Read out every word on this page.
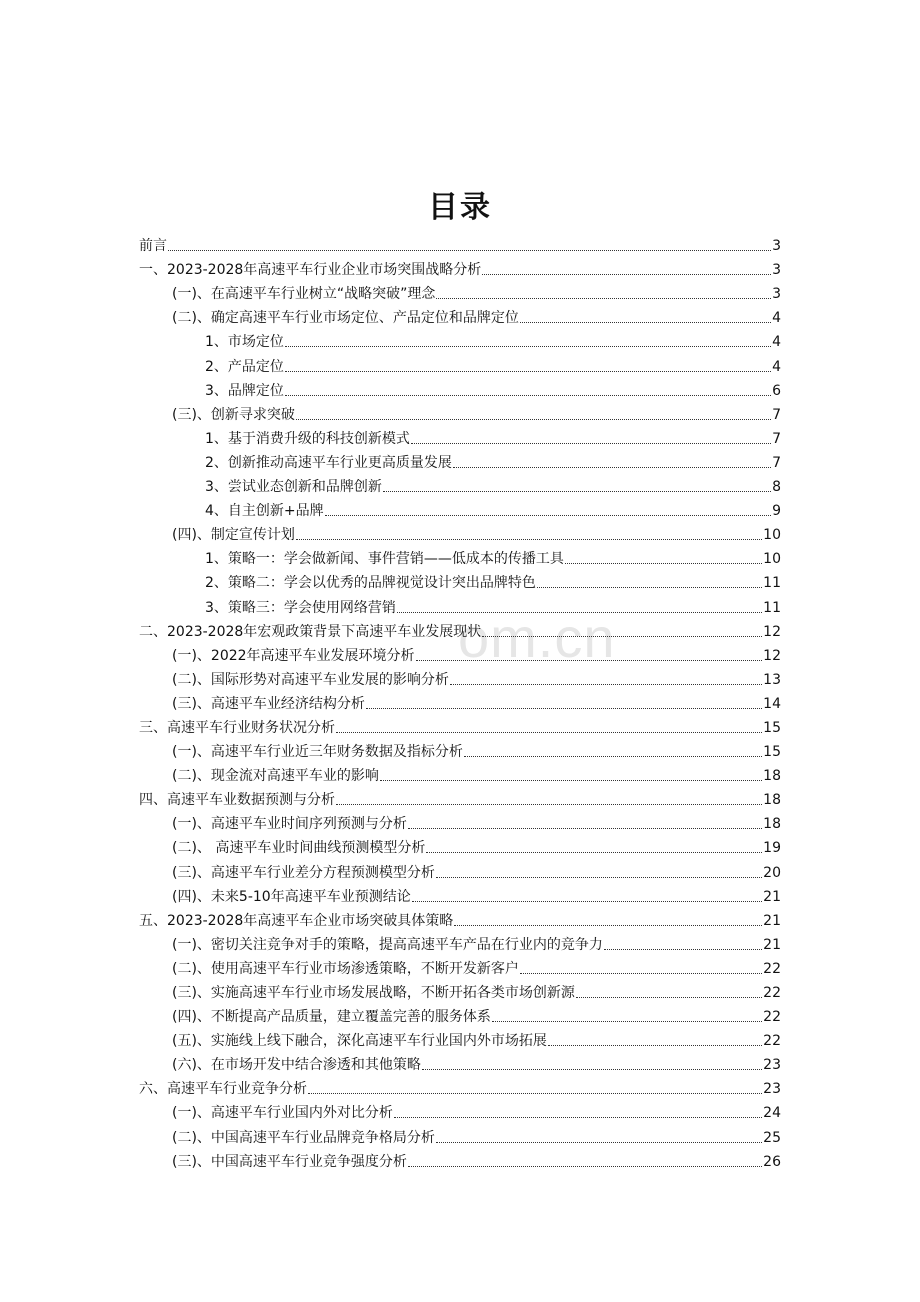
om.cn
目录
前言	3
一、2023-2028年高速平车行业企业市场突围战略分析	3
(一)、在高速平车行业树立“战略突破”理念	3
(二)、确定高速平车行业市场定位、产品定位和品牌定位	4
1、市场定位	4
2、产品定位	4
3、品牌定位	6
(三)、创新寻求突破	7
1、基于消费升级的科技创新模式	7
2、创新推动高速平车行业更高质量发展	7
3、尝试业态创新和品牌创新	8
4、自主创新+品牌	9
(四)、制定宣传计划	10
1、策略一：学会做新闻、事件营销——低成本的传播工具	10
2、策略二：学会以优秀的品牌视觉设计突出品牌特色	11
3、策略三：学会使用网络营销	11
二、2023-2028年宏观政策背景下高速平车业发展现状	12
(一)、2022年高速平车业发展环境分析	12
(二)、国际形势对高速平车业发展的影响分析	13
(三)、高速平车业经济结构分析	14
三、高速平车行业财务状况分析	15
(一)、高速平车行业近三年财务数据及指标分析	15
(二)、现金流对高速平车业的影响	18
四、高速平车业数据预测与分析	18
(一)、高速平车业时间序列预测与分析	18
(二)、 高速平车业时间曲线预测模型分析	19
(三)、高速平车行业差分方程预测模型分析	20
(四)、未来5-10年高速平车业预测结论	21
五、2023-2028年高速平车企业市场突破具体策略	21
(一)、密切关注竞争对手的策略，提高高速平车产品在行业内的竞争力	21
(二)、使用高速平车行业市场渗透策略，不断开发新客户	22
(三)、实施高速平车行业市场发展战略，不断开拓各类市场创新源	22
(四)、不断提高产品质量，建立覆盖完善的服务体系	22
(五)、实施线上线下融合，深化高速平车行业国内外市场拓展	22
(六)、在市场开发中结合渗透和其他策略	23
六、高速平车行业竞争分析	23
(一)、高速平车行业国内外对比分析	24
(二)、中国高速平车行业品牌竞争格局分析	25
(三)、中国高速平车行业竞争强度分析	26
